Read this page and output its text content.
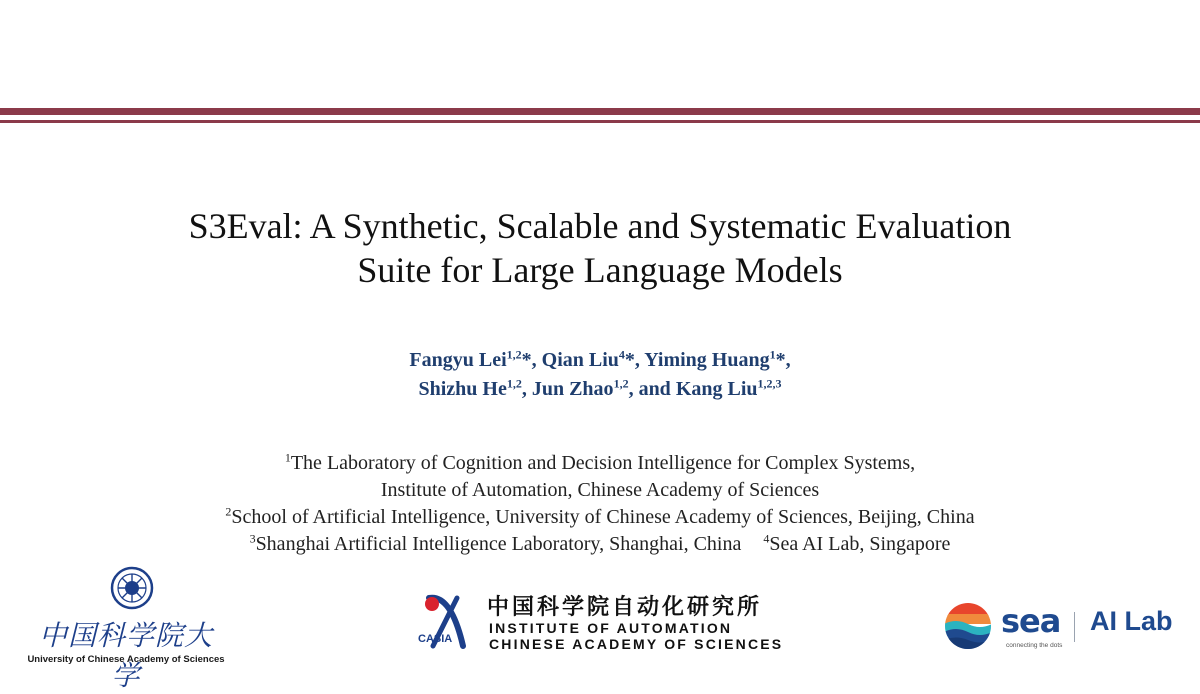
S3Eval: A Synthetic, Scalable and Systematic Evaluation
Suite for Large Language Models
Fangyu Lei$^{1,2}$*, Qian Liu$^4$*, Yiming Huang$^1$*,
Shizhu He$^{1,2}$, Jun Zhao$^{1,2}$, and Kang Liu$^{1,2,3}$
$^1$The Laboratory of Cognition and Decision Intelligence for Complex Systems,
Institute of Automation, Chinese Academy of Sciences
$^2$School of Artificial Intelligence, University of Chinese Academy of Sciences, Beijing, China
$^3$Shanghai Artificial Intelligence Laboratory, Shanghai, China $^4$Sea AI Lab, Singapore
中国科学院大学
University of Chinese Academy of Sciences
CASIA
中国科学院自动化研究所
INSTITUTE OF AUTOMATION
CHINESE ACADEMY OF SCIENCES
sea
connecting the dots
AI Lab
